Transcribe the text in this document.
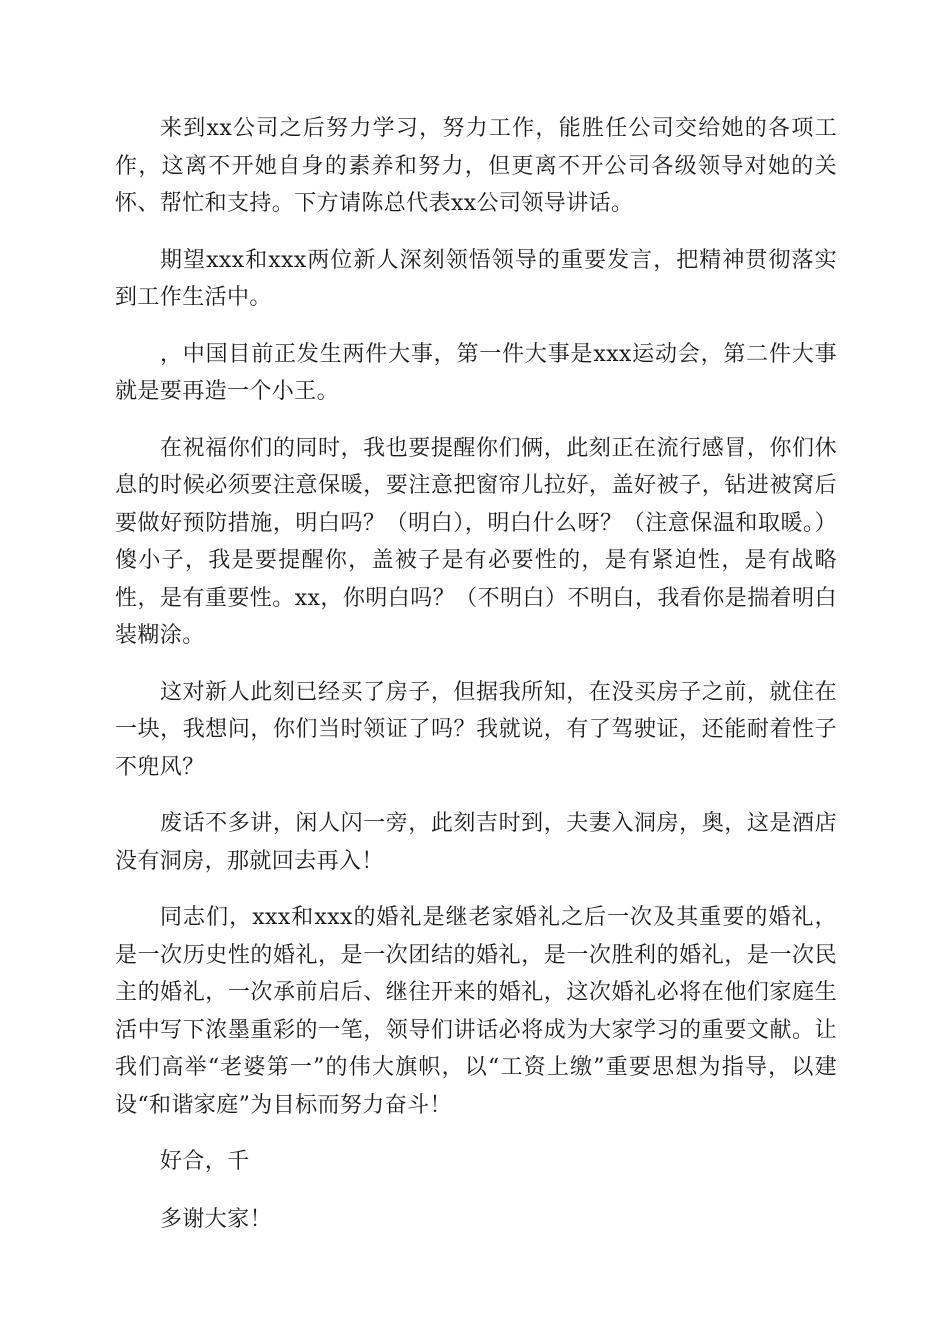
来到xx公司之后努力学习，努力工作，能胜任公司交给她的各项工作，这离不开她自身的素养和努力，但更离不开公司各级领导对她的关怀、帮忙和支持。下方请陈总代表xx公司领导讲话。

期望xxx和xxx两位新人深刻领悟领导的重要发言，把精神贯彻落实到工作生活中。

，中国目前正发生两件大事，第一件大事是xxx运动会，第二件大事就是要再造一个小王。

在祝福你们的同时，我也要提醒你们俩，此刻正在流行感冒，你们休息的时候必须要注意保暖，要注意把窗帘儿拉好，盖好被子，钻进被窝后要做好预防措施，明白吗？（明白），明白什么呀？（注意保温和取暖。）傻小子，我是要提醒你，盖被子是有必要性的，是有紧迫性，是有战略性，是有重要性。xx，你明白吗？（不明白）不明白，我看你是揣着明白装糊涂。

这对新人此刻已经买了房子，但据我所知，在没买房子之前，就住在一块，我想问，你们当时领证了吗？我就说，有了驾驶证，还能耐着性子不兜风？

废话不多讲，闲人闪一旁，此刻吉时到，夫妻入洞房，奥，这是酒店没有洞房，那就回去再入！

同志们，xxx和xxx的婚礼是继老家婚礼之后一次及其重要的婚礼，是一次历史性的婚礼，是一次团结的婚礼，是一次胜利的婚礼，是一次民主的婚礼，一次承前启后、继往开来的婚礼，这次婚礼必将在他们家庭生活中写下浓墨重彩的一笔，领导们讲话必将成为大家学习的重要文献。让我们高举“老婆第一”的伟大旗帜，以“工资上缴”重要思想为指导，以建设“和谐家庭”为目标而努力奋斗！

好合，千

多谢大家！
